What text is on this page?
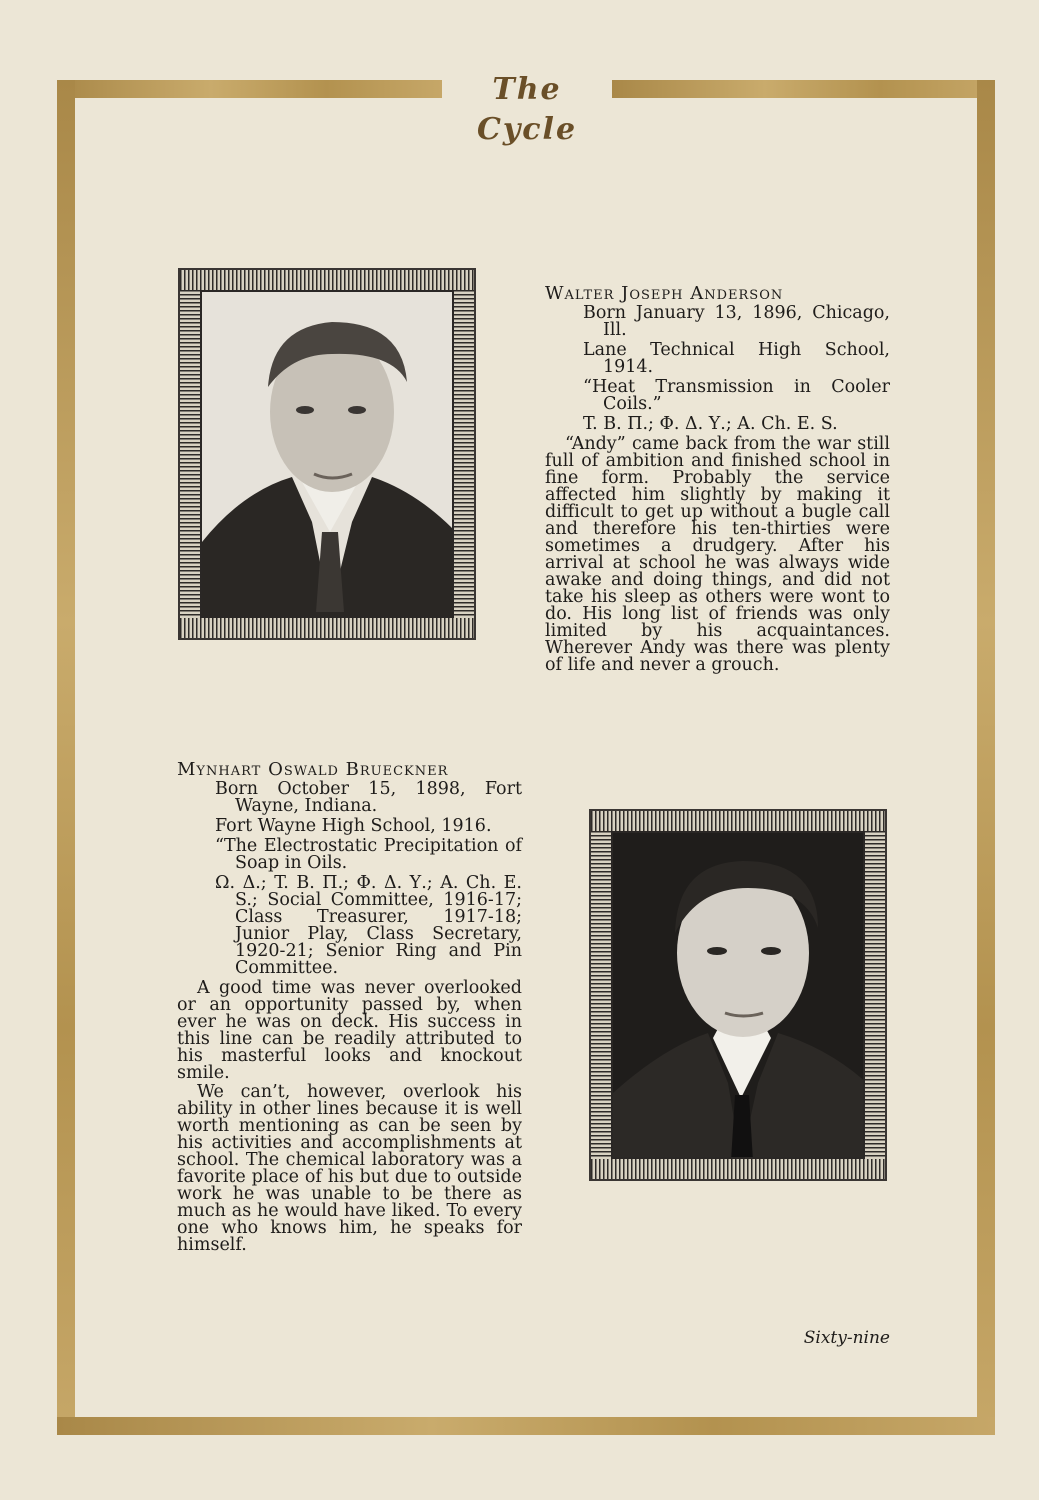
The Cycle
Walter Joseph Anderson
Born January 13, 1896, Chicago, Ill.
Lane Technical High School, 1914.
“Heat Transmission in Cooler Coils.”
T. B. Π.; Φ. Δ. Υ.; A. Ch. E. S.
“Andy” came back from the war still full of ambition and finished school in fine form. Probably the service affected him slightly by making it difficult to get up without a bugle call and therefore his ten-thirties were sometimes a drudgery. After his arrival at school he was always wide awake and doing things, and did not take his sleep as others were wont to do. His long list of friends was only limited by his acquaintances. Wherever Andy was there was plenty of life and never a grouch.
Mynhart Oswald Brueckner
Born October 15, 1898, Fort Wayne, Indiana.
Fort Wayne High School, 1916.
“The Electrostatic Precipitation of Soap in Oils.
Ω. Δ.; T. B. Π.; Φ. Δ. Υ.; A. Ch. E. S.; Social Committee, 1916-17; Class Treasurer, 1917-18; Junior Play, Class Secretary, 1920-21; Senior Ring and Pin Committee.
A good time was never overlooked or an opportunity passed by, when ever he was on deck. His success in this line can be readily attributed to his masterful looks and knockout smile.
We can’t, however, overlook his ability in other lines because it is well worth mentioning as can be seen by his activities and accomplishments at school. The chemical laboratory was a favorite place of his but due to outside work he was unable to be there as much as he would have liked. To every one who knows him, he speaks for himself.
Sixty-nine
